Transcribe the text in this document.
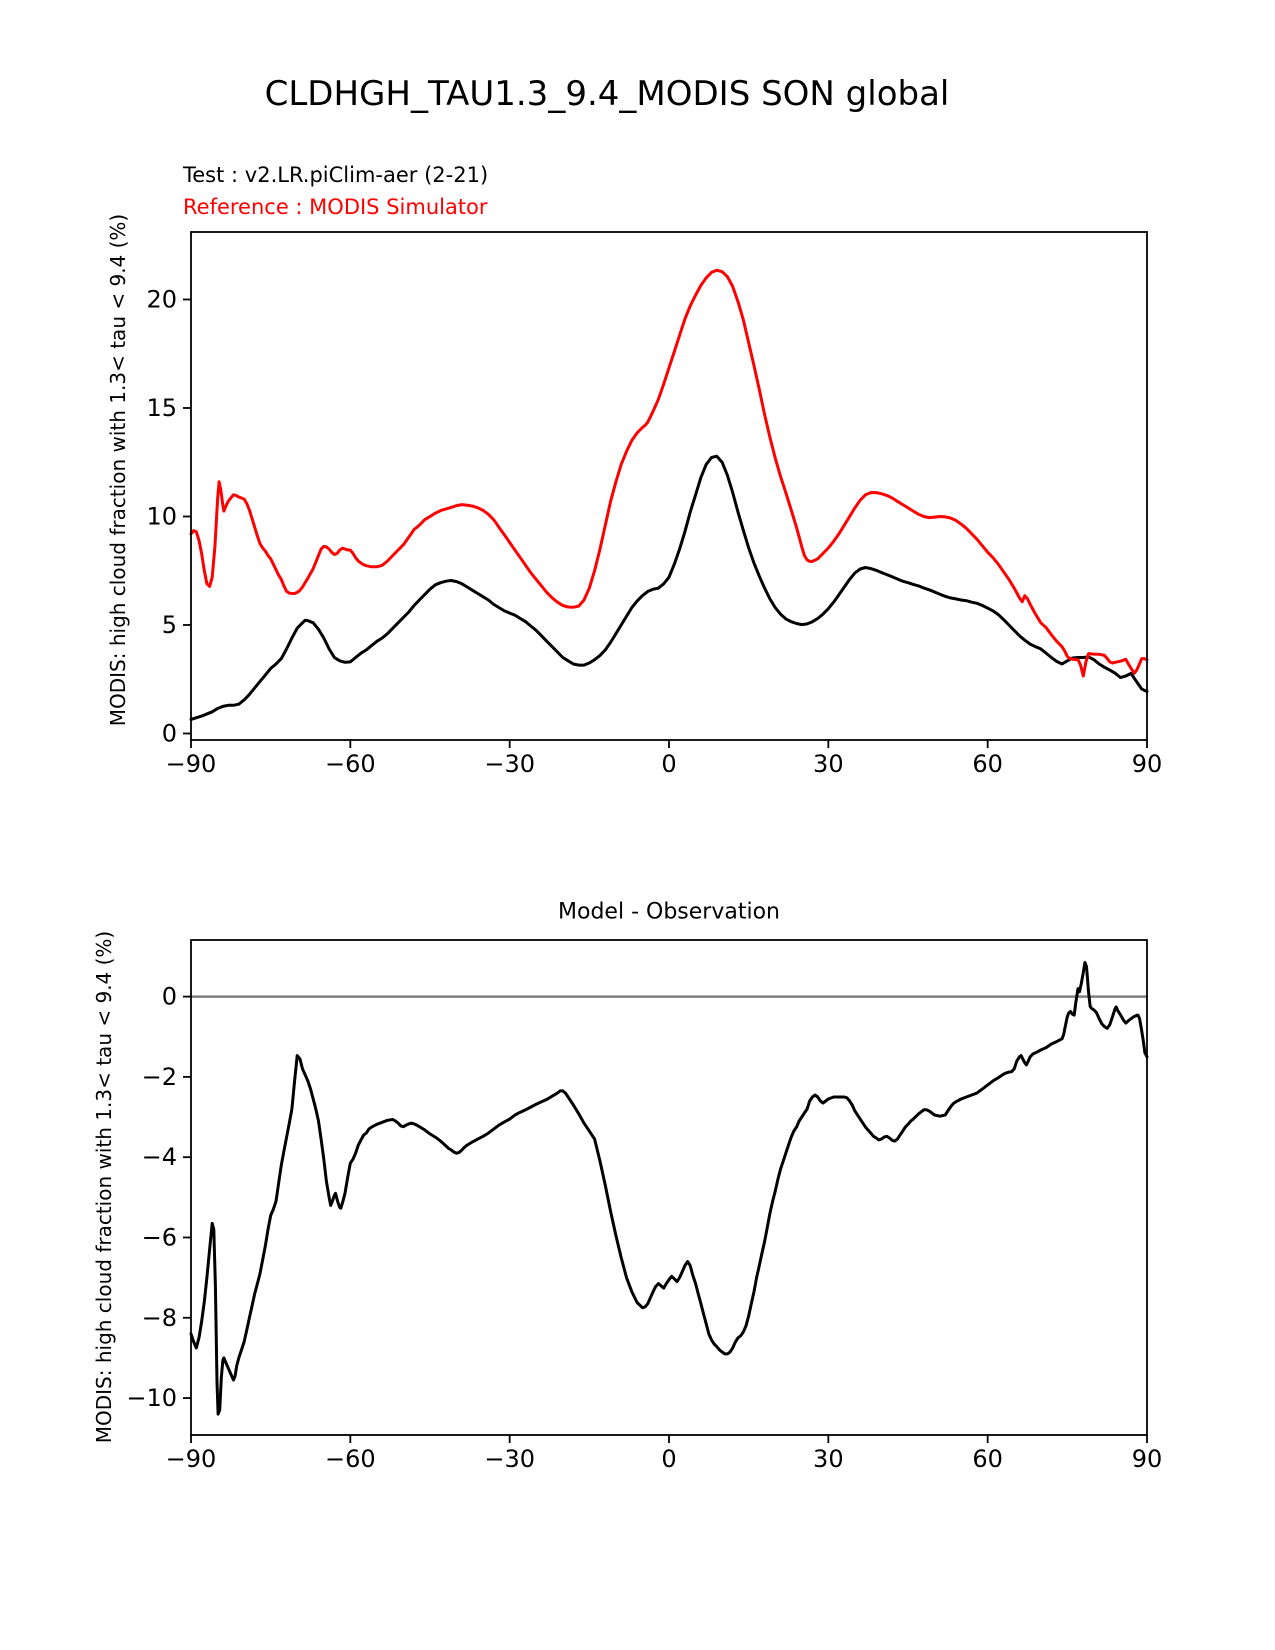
CLDHGH_TAU1.3_9.4_MODIS SON global
Test : v2.LR.piClim-aer (2-21)
Reference : MODIS Simulator
MODIS: high cloud fraction with 1.3< tau < 9.4 (%)
Model - Observation
MODIS: high cloud fraction with 1.3< tau < 9.4 (%)
−90	−60	−30	0	30	60	90
0
5
10
15
20
−90	−60	−30	0	30	60	90
0
−2
−4
−6
−8
−10
